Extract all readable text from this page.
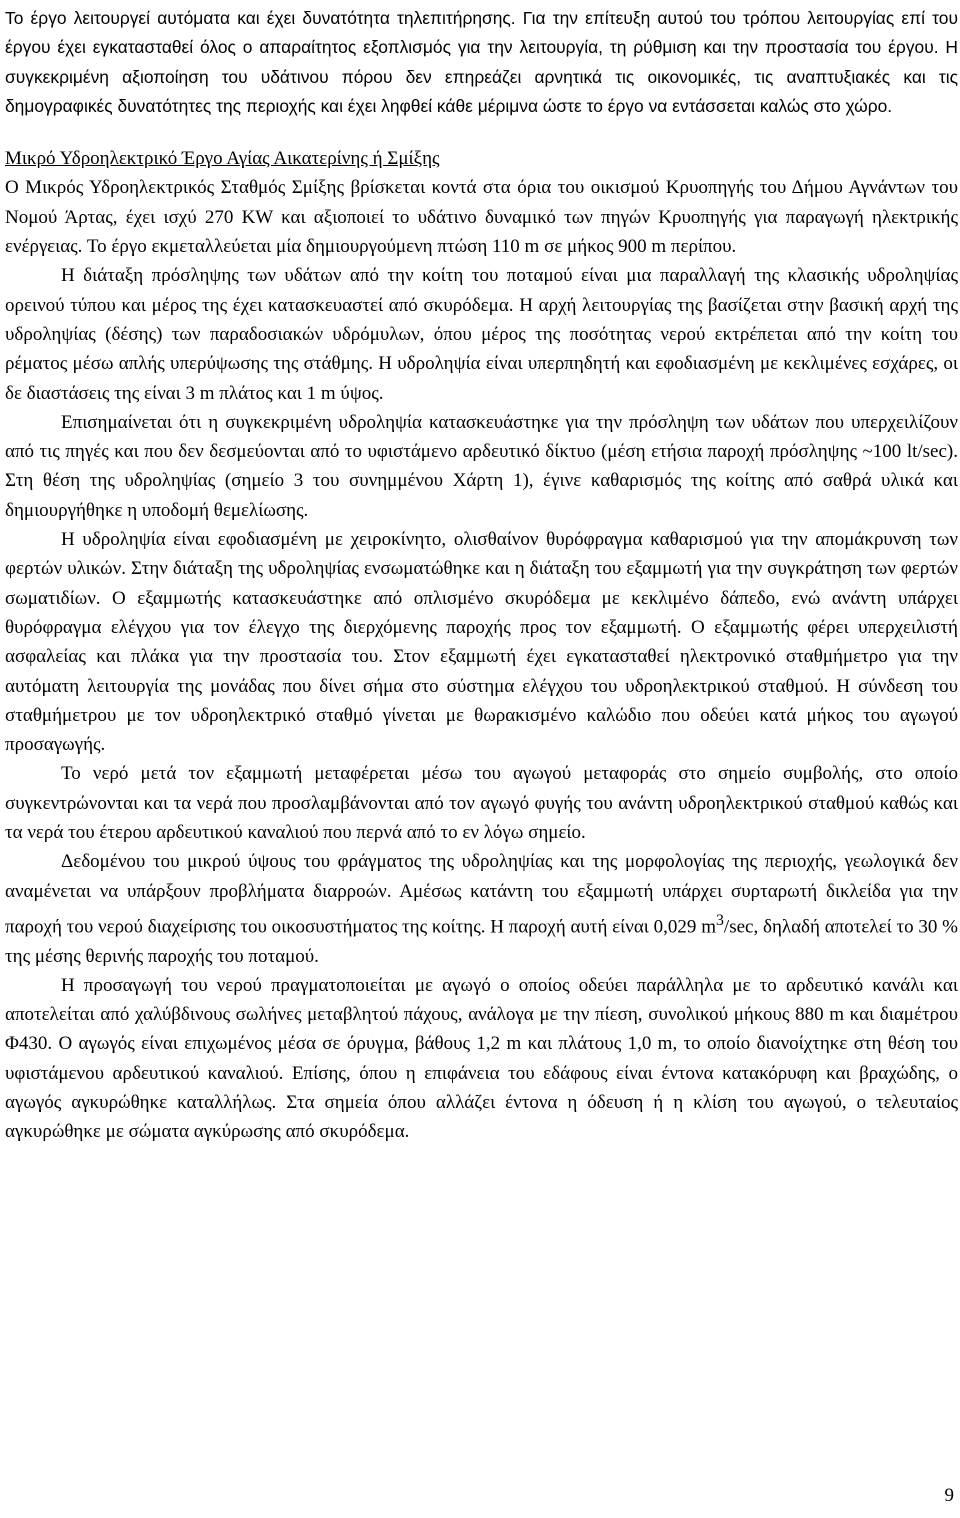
Το έργο λειτουργεί αυτόματα και έχει δυνατότητα τηλεπιτήρησης. Για την επίτευξη αυτού του τρόπου λειτουργίας επί του έργου έχει εγκατασταθεί όλος ο απαραίτητος εξοπλισμός για την λειτουργία, τη ρύθμιση και την προστασία του έργου. Η συγκεκριμένη αξιοποίηση του υδάτινου πόρου δεν επηρεάζει αρνητικά τις οικονομικές, τις αναπτυξιακές και τις δημογραφικές δυνατότητες της περιοχής και έχει ληφθεί κάθε μέριμνα ώστε το έργο να εντάσσεται καλώς στο χώρο.

Μικρό Υδροηλεκτρικό Έργο Αγίας Αικατερίνης ή Σμίξης

Ο Μικρός Υδροηλεκτρικός Σταθμός Σμίξης βρίσκεται κοντά στα όρια του οικισμού Κρυοπηγής του Δήμου Αγνάντων του Νομού Άρτας, έχει ισχύ 270 KW και αξιοποιεί το υδάτινο δυναμικό των πηγών Κρυοπηγής για παραγωγή ηλεκτρικής ενέργειας. Το έργο εκμεταλλεύεται μία δημιουργούμενη πτώση 110 m σε μήκος 900 m περίπου.

Η διάταξη πρόσληψης των υδάτων από την κοίτη του ποταμού είναι μια παραλλαγή της κλασικής υδροληψίας ορεινού τύπου και μέρος της έχει κατασκευαστεί από σκυρόδεμα. Η αρχή λειτουργίας της βασίζεται στην βασική αρχή της υδροληψίας (δέσης) των παραδοσιακών υδρόμυλων, όπου μέρος της ποσότητας νερού εκτρέπεται από την κοίτη του ρέματος μέσω απλής υπερύψωσης της στάθμης. Η υδροληψία είναι υπερπηδητή και εφοδιασμένη με κεκλιμένες εσχάρες, οι δε διαστάσεις της είναι 3 m πλάτος και 1 m ύψος.

Επισημαίνεται ότι η συγκεκριμένη υδροληψία κατασκευάστηκε για την πρόσληψη των υδάτων που υπερχειλίζουν από τις πηγές και που δεν δεσμεύονται από το υφιστάμενο αρδευτικό δίκτυο (μέση ετήσια παροχή πρόσληψης ~100 lt/sec). Στη θέση της υδροληψίας (σημείο 3 του συνημμένου Χάρτη 1), έγινε καθαρισμός της κοίτης από σαθρά υλικά και δημιουργήθηκε η υποδομή θεμελίωσης.

Η υδροληψία είναι εφοδιασμένη με χειροκίνητο, ολισθαίνον θυρόφραγμα καθαρισμού για την απομάκρυνση των φερτών υλικών. Στην διάταξη της υδροληψίας ενσωματώθηκε και η διάταξη του εξαμμωτή για την συγκράτηση των φερτών σωματιδίων. Ο εξαμμωτής κατασκευάστηκε από οπλισμένο σκυρόδεμα με κεκλιμένο δάπεδο, ενώ ανάντη υπάρχει θυρόφραγμα ελέγχου για τον έλεγχο της διερχόμενης παροχής προς τον εξαμμωτή. Ο εξαμμωτής φέρει υπερχειλιστή ασφαλείας και πλάκα για την προστασία του. Στον εξαμμωτή έχει εγκατασταθεί ηλεκτρονικό σταθμήμετρο για την αυτόματη λειτουργία της μονάδας που δίνει σήμα στο σύστημα ελέγχου του υδροηλεκτρικού σταθμού. Η σύνδεση του σταθμήμετρου με τον υδροηλεκτρικό σταθμό γίνεται με θωρακισμένο καλώδιο που οδεύει κατά μήκος του αγωγού προσαγωγής.

Το νερό μετά τον εξαμμωτή μεταφέρεται μέσω του αγωγού μεταφοράς στο σημείο συμβολής, στο οποίο συγκεντρώνονται και τα νερά που προσλαμβάνονται από τον αγωγό φυγής του ανάντη υδροηλεκτρικού σταθμού καθώς και τα νερά του έτερου αρδευτικού καναλιού που περνά από το εν λόγω σημείο.

Δεδομένου του μικρού ύψους του φράγματος της υδροληψίας και της μορφολογίας της περιοχής, γεωλογικά δεν αναμένεται να υπάρξουν προβλήματα διαρροών. Αμέσως κατάντη του εξαμμωτή υπάρχει συρταρωτή δικλείδα για την παροχή του νερού διαχείρισης του οικοσυστήματος της κοίτης. Η παροχή αυτή είναι 0,029 $m^3/\sec$, δηλαδή αποτελεί το 30 % της μέσης θερινής παροχής του ποταμού.

Η προσαγωγή του νερού πραγματοποιείται με αγωγό ο οποίος οδεύει παράλληλα με το αρδευτικό κανάλι και αποτελείται από χαλύβδινους σωλήνες μεταβλητού πάχους, ανάλογα με την πίεση, συνολικού μήκους 880 m και διαμέτρου Φ430. Ο αγωγός είναι επιχωμένος μέσα σε όρυγμα, βάθους 1,2 m και πλάτους 1,0 m, το οποίο διανοίχτηκε στη θέση του υφιστάμενου αρδευτικού καναλιού. Επίσης, όπου η επιφάνεια του εδάφους είναι έντονα κατακόρυφη και βραχώδης, ο αγωγός αγκυρώθηκε καταλλήλως. Στα σημεία όπου αλλάζει έντονα η όδευση ή η κλίση του αγωγού, ο τελευταίος αγκυρώθηκε με σώματα αγκύρωσης από σκυρόδεμα.

9
